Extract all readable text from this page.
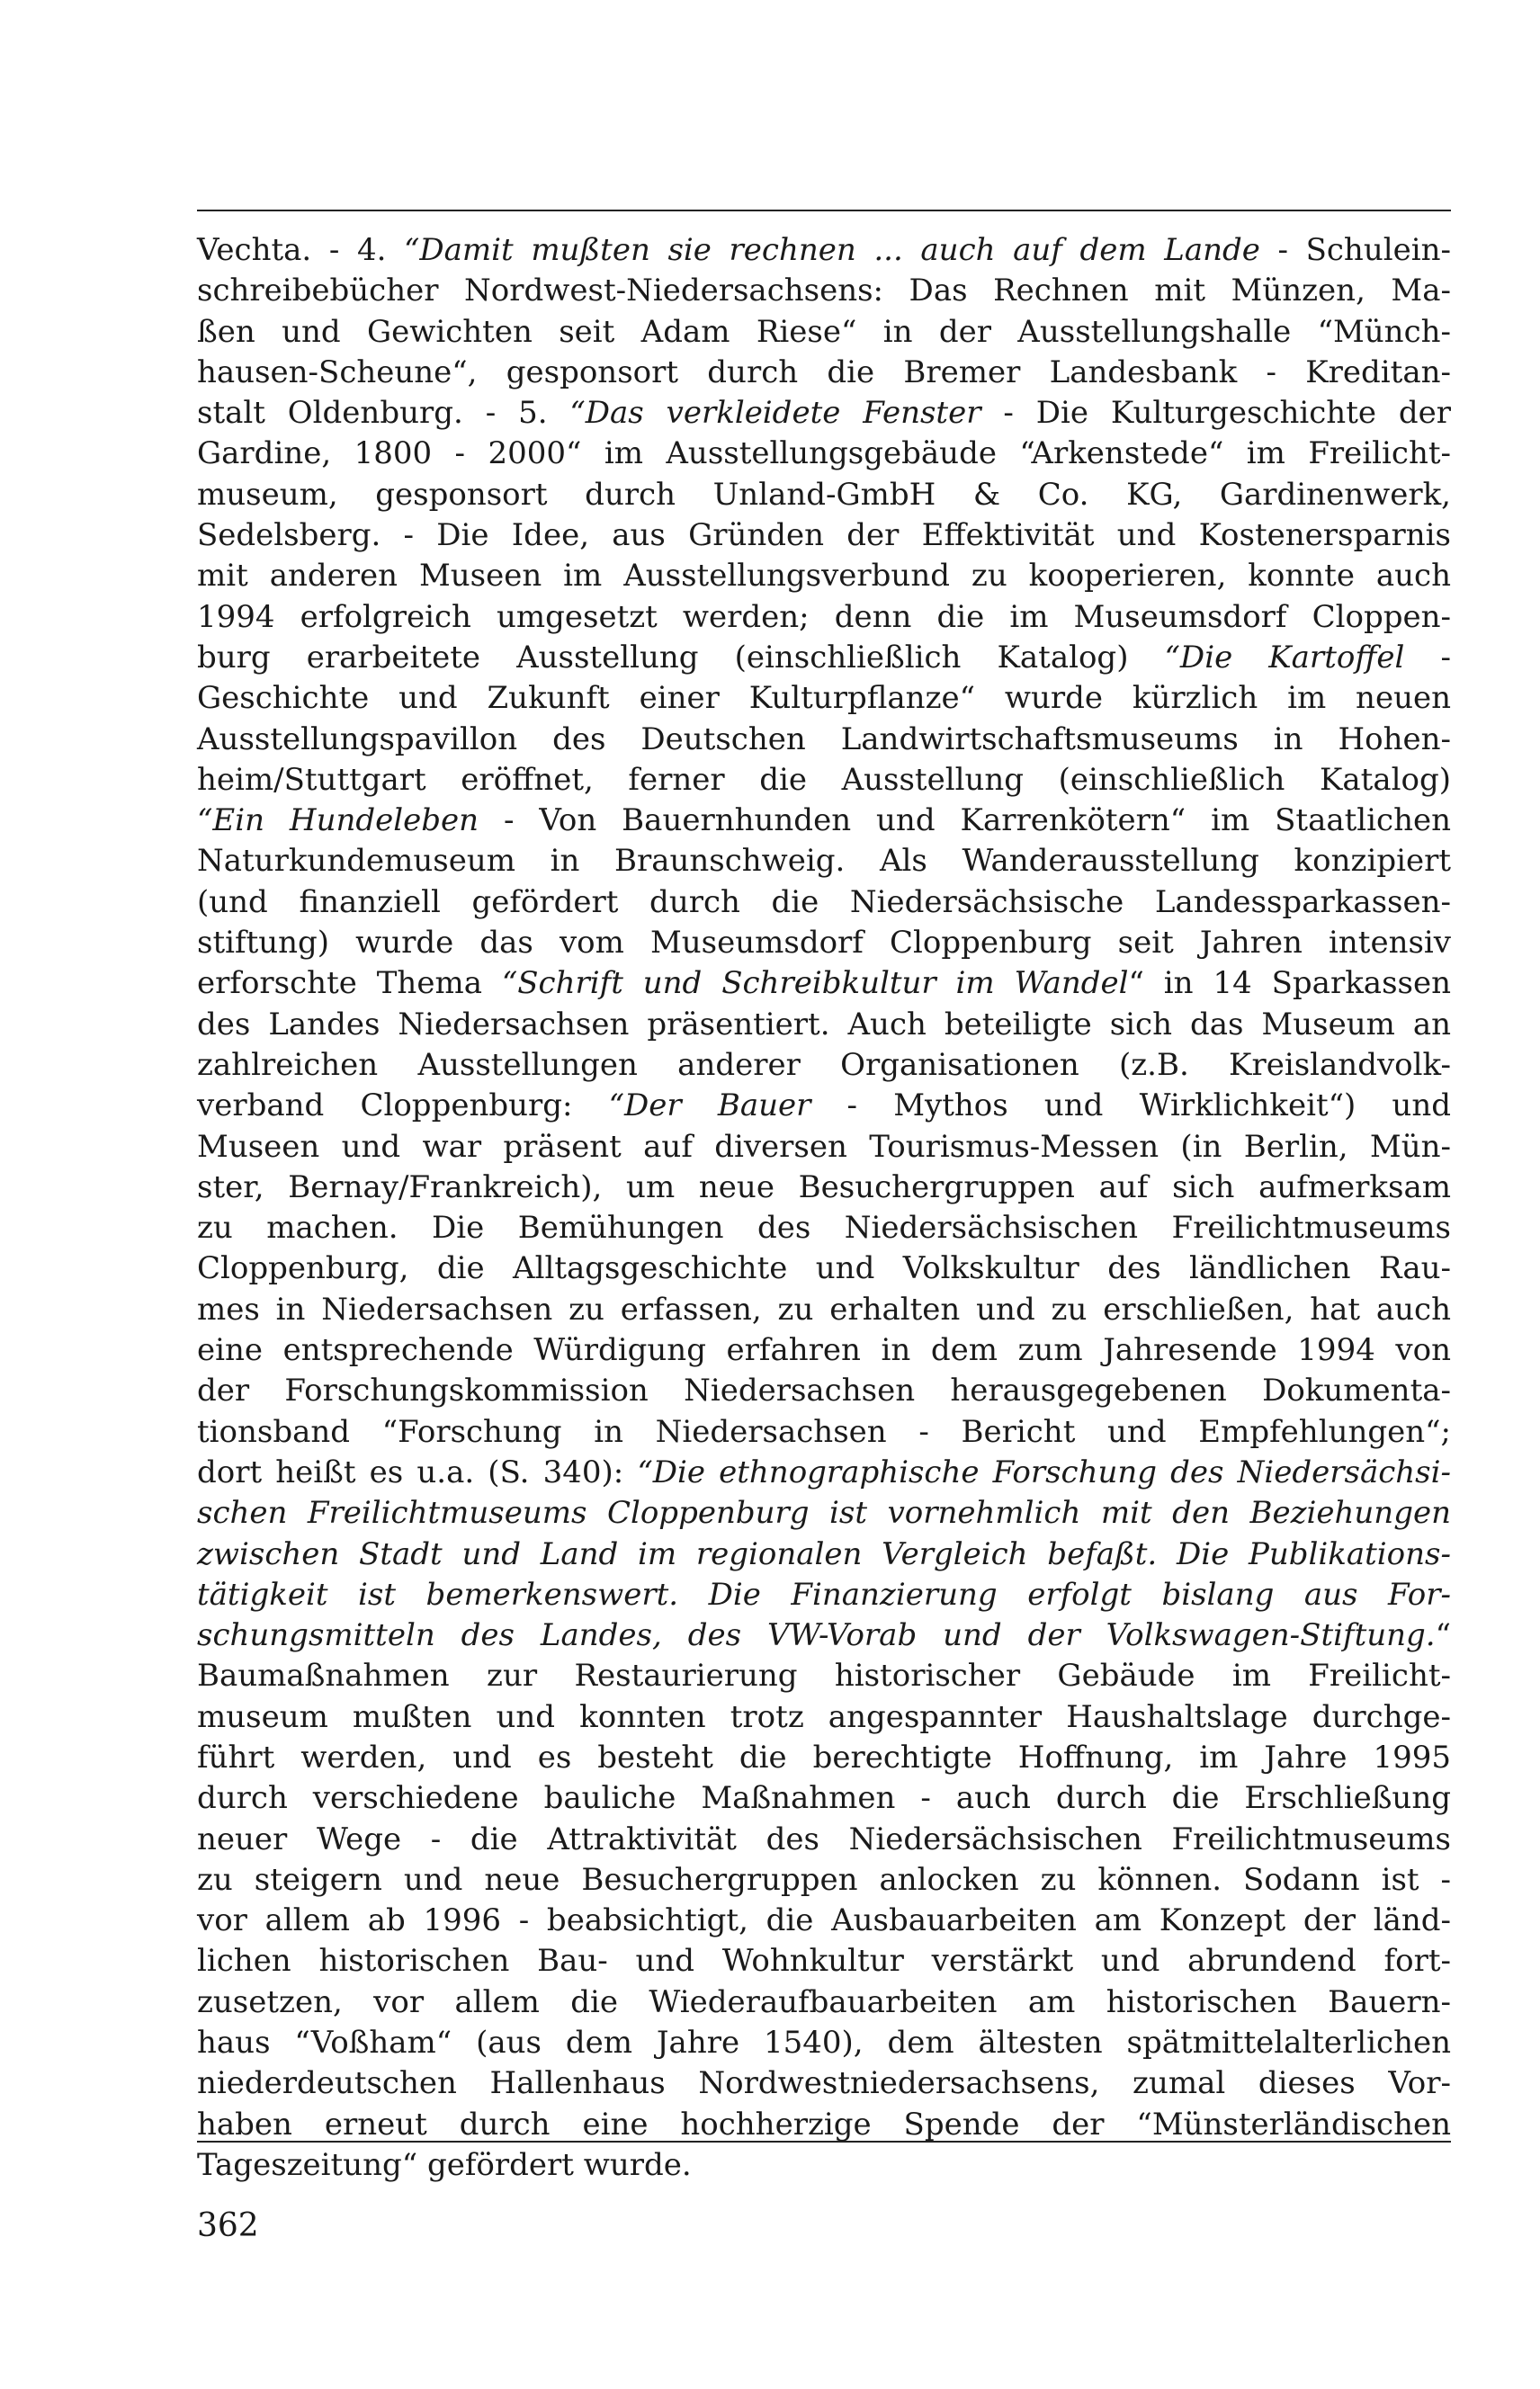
Vechta. - 4. “Damit mußten sie rechnen ... auch auf dem Lande - Schulein-
schreibebücher Nordwest-Niedersachsens: Das Rechnen mit Münzen, Ma-
ßen und Gewichten seit Adam Riese“ in der Ausstellungshalle “Münch-
hausen-Scheune“, gesponsort durch die Bremer Landesbank - Kreditan-
stalt Oldenburg. - 5. “Das verkleidete Fenster - Die Kulturgeschichte der
Gardine, 1800 - 2000“ im Ausstellungsgebäude “Arkenstede“ im Freilicht-
museum, gesponsort durch Unland-GmbH & Co. KG, Gardinenwerk,
Sedelsberg. - Die Idee, aus Gründen der Effektivität und Kostenersparnis
mit anderen Museen im Ausstellungsverbund zu kooperieren, konnte auch
1994 erfolgreich umgesetzt werden; denn die im Museumsdorf Cloppen-
burg erarbeitete Ausstellung (einschließlich Katalog) “Die Kartoffel -
Geschichte und Zukunft einer Kulturpflanze“ wurde kürzlich im neuen
Ausstellungspavillon des Deutschen Landwirtschaftsmuseums in Hohen-
heim/Stuttgart eröffnet, ferner die Ausstellung (einschließlich Katalog)
“Ein Hundeleben - Von Bauernhunden und Karrenkötern“ im Staatlichen
Naturkundemuseum in Braunschweig. Als Wanderausstellung konzipiert
(und finanziell gefördert durch die Niedersächsische Landessparkassen-
stiftung) wurde das vom Museumsdorf Cloppenburg seit Jahren intensiv
erforschte Thema “Schrift und Schreibkultur im Wandel“ in 14 Sparkassen
des Landes Niedersachsen präsentiert. Auch beteiligte sich das Museum an
zahlreichen Ausstellungen anderer Organisationen (z.B. Kreislandvolk-
verband Cloppenburg: “Der Bauer - Mythos und Wirklichkeit“) und
Museen und war präsent auf diversen Tourismus-Messen (in Berlin, Mün-
ster, Bernay/Frankreich), um neue Besuchergruppen auf sich aufmerksam
zu machen. Die Bemühungen des Niedersächsischen Freilichtmuseums
Cloppenburg, die Alltagsgeschichte und Volkskultur des ländlichen Rau-
mes in Niedersachsen zu erfassen, zu erhalten und zu erschließen, hat auch
eine entsprechende Würdigung erfahren in dem zum Jahresende 1994 von
der Forschungskommission Niedersachsen herausgegebenen Dokumenta-
tionsband “Forschung in Niedersachsen - Bericht und Empfehlungen“;
dort heißt es u.a. (S. 340): “Die ethnographische Forschung des Niedersächsi-
schen Freilichtmuseums Cloppenburg ist vornehmlich mit den Beziehungen
zwischen Stadt und Land im regionalen Vergleich befaßt. Die Publikations-
tätigkeit ist bemerkenswert. Die Finanzierung erfolgt bislang aus For-
schungsmitteln des Landes, des VW-Vorab und der Volkswagen-Stiftung.“
Baumaßnahmen zur Restaurierung historischer Gebäude im Freilicht-
museum mußten und konnten trotz angespannter Haushaltslage durchge-
führt werden, und es besteht die berechtigte Hoffnung, im Jahre 1995
durch verschiedene bauliche Maßnahmen - auch durch die Erschließung
neuer Wege - die Attraktivität des Niedersächsischen Freilichtmuseums
zu steigern und neue Besuchergruppen anlocken zu können. Sodann ist -
vor allem ab 1996 - beabsichtigt, die Ausbauarbeiten am Konzept der länd-
lichen historischen Bau- und Wohnkultur verstärkt und abrundend fort-
zusetzen, vor allem die Wiederaufbauarbeiten am historischen Bauern-
haus “Voßham“ (aus dem Jahre 1540), dem ältesten spätmittelalterlichen
niederdeutschen Hallenhaus Nordwestniedersachsens, zumal dieses Vor-
haben erneut durch eine hochherzige Spende der “Münsterländischen
Tageszeitung“ gefördert wurde.

362
